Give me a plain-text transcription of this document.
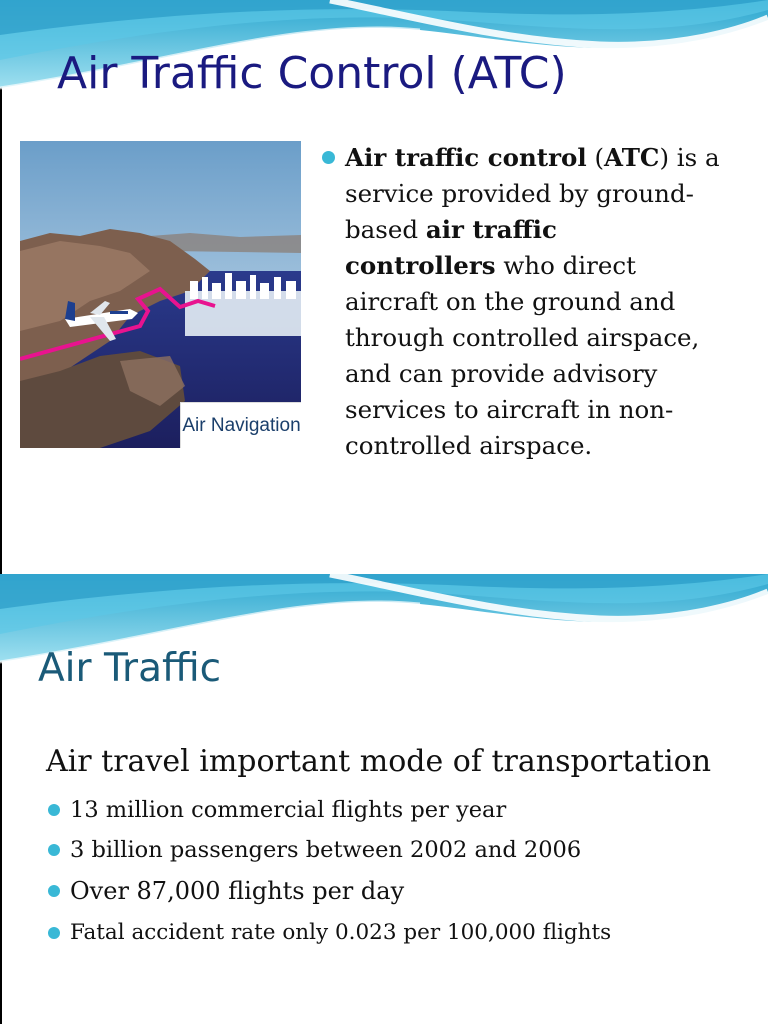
Air Traffic Control (ATC)
Air Navigation
Air traffic control (ATC) is a
service provided by ground-
based air traffic
controllers who direct
aircraft on the ground and
through controlled airspace,
and can provide advisory
services to aircraft in non-
controlled airspace.
Air Traffic
Air travel important mode of transportation
13 million commercial flights per year
3 billion passengers between 2002 and 2006
Over 87,000 flights per day
Fatal accident rate only 0.023 per 100,000 flights
